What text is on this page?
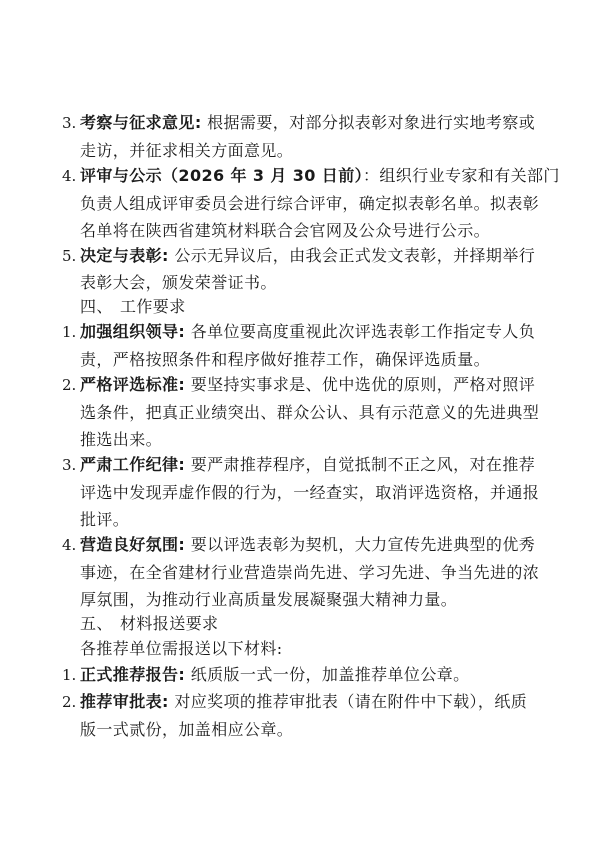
3. 考察与征求意见: 根据需要，对部分拟表彰对象进行实地考察或
走访，并征求相关方面意见。
4. 评审与公示（2026 年 3 月 30 日前）：组织行业专家和有关部门
负责人组成评审委员会进行综合评审，确定拟表彰名单。拟表彰
名单将在陕西省建筑材料联合会官网及公众号进行公示。
5. 决定与表彰: 公示无异议后，由我会正式发文表彰，并择期举行
表彰大会，颁发荣誉证书。
四、 工作要求
1. 加强组织领导: 各单位要高度重视此次评选表彰工作指定专人负
责，严格按照条件和程序做好推荐工作，确保评选质量。
2. 严格评选标准: 要坚持实事求是、优中选优的原则，严格对照评
选条件，把真正业绩突出、群众公认、具有示范意义的先进典型
推选出来。
3. 严肃工作纪律: 要严肃推荐程序，自觉抵制不正之风，对在推荐
评选中发现弄虚作假的行为，一经查实，取消评选资格，并通报
批评。
4. 营造良好氛围: 要以评选表彰为契机，大力宣传先进典型的优秀
事迹，在全省建材行业营造崇尚先进、学习先进、争当先进的浓
厚氛围，为推动行业高质量发展凝聚强大精神力量。
五、 材料报送要求
各推荐单位需报送以下材料:
1. 正式推荐报告: 纸质版一式一份，加盖推荐单位公章。
2. 推荐审批表: 对应奖项的推荐审批表（请在附件中下载），纸质
版一式贰份，加盖相应公章。
